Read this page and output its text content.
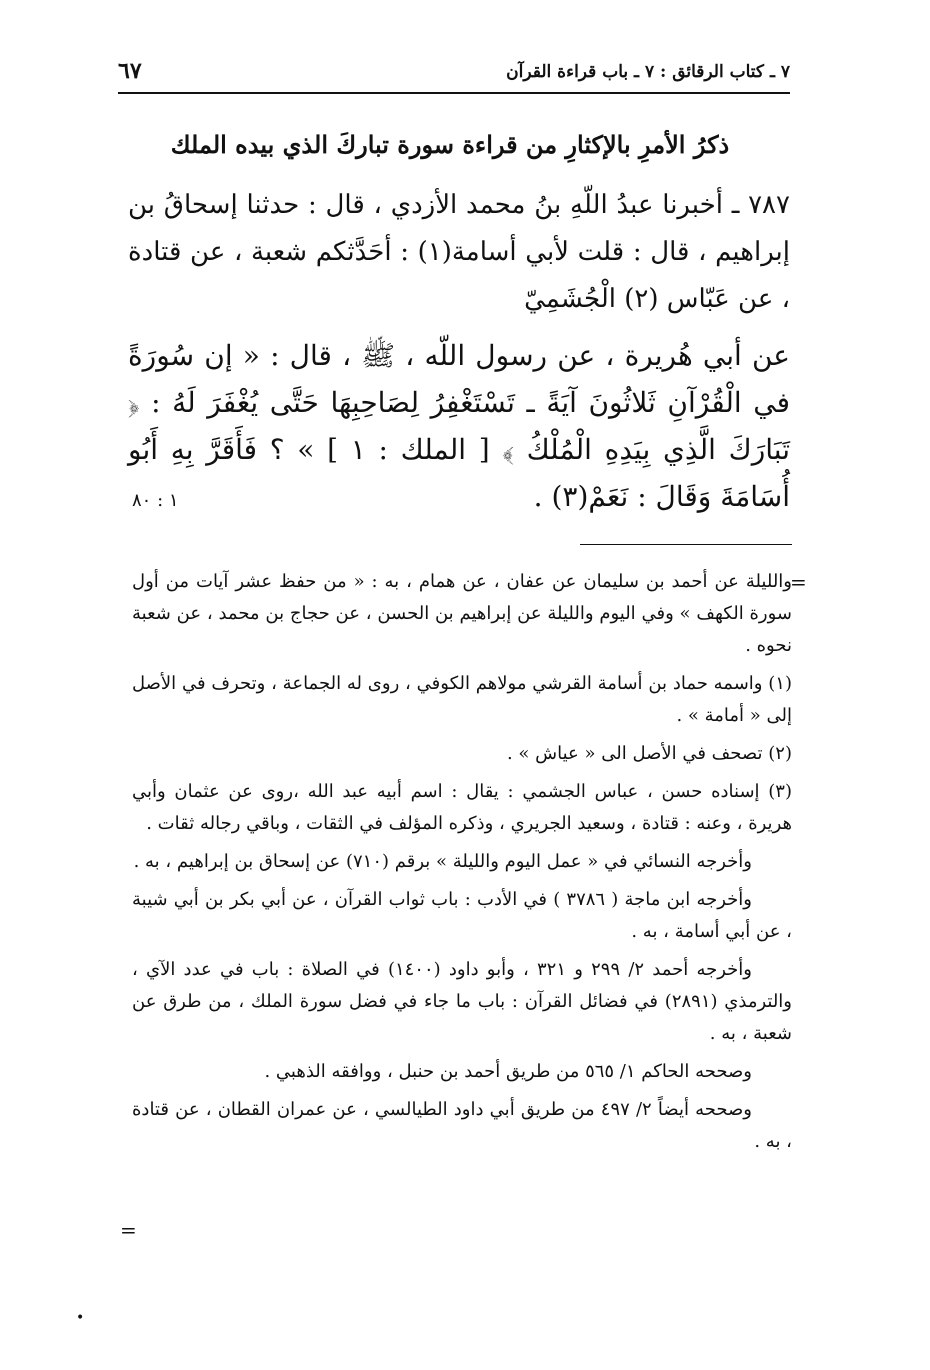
٧ ـ كتاب الرقائق : ٧ ـ باب قراءة القرآن
٦٧
ذكرُ الأمرِ بالإكثارِ من قراءة سورة تباركَ الذي بيده الملك
٧٨٧ ـ أخبرنا عبدُ اللّهِ بنُ محمد الأزدي ، قال : حدثنا إسحاقُ بن إبراهيم ، قال : قلت لأبي أسامة(١) : أحَدَّثكم شعبة ، عن قتادة ، عن عَبّاس (٢) الْجُشَمِيّ
عن أبي هُريرة ، عن رسول اللّه ، ﷺ ، قال : « إن سُورَةً في الْقُرْآنِ ثَلاثُونَ آيَةً ـ تَسْتَغْفِرُ لِصَاحِبِهَا حَتَّى يُغْفَرَ لَهُ : ﴿ تَبَارَكَ الَّذِي بِيَدِهِ الْمُلْكُ ﴾ [ الملك : ١ ] » ؟ فَأَقَرَّ بِهِ أَبُو أُسَامَةَ وَقَالَ : نَعَمْ(٣) .
١ : ٨٠
=

والليلة عن أحمد بن سليمان عن عفان ، عن همام ، به : « من حفظ عشر آيات من أول سورة الكهف » وفي اليوم والليلة عن إبراهيم بن الحسن ، عن حجاج بن محمد ، عن شعبة نحوه .

(١) واسمه حماد بن أسامة القرشي مولاهم الكوفي ، روى له الجماعة ، وتحرف في الأصل إلى « أمامة » .

(٢) تصحف في الأصل الى « عياش » .

(٣) إسناده حسن ، عباس الجشمي : يقال : اسم أبيه عبد الله ،روى عن عثمان وأبي هريرة ، وعنه : قتادة ، وسعيد الجريري ، وذكره المؤلف في الثقات ، وباقي رجاله ثقات .

وأخرجه النسائي في « عمل اليوم والليلة » برقم (٧١٠) عن إسحاق بن إبراهيم ، به .

وأخرجه ابن ماجة ( ٣٧٨٦ ) في الأدب : باب ثواب القرآن ، عن أبي بكر بن أبي شيبة ، عن أبي أسامة ، به .

وأخرجه أحمد ٢/ ٢٩٩ و ٣٢١ ، وأبو داود (١٤٠٠) في الصلاة : باب في عدد الآي ، والترمذي (٢٨٩١) في فضائل القرآن : باب ما جاء في فضل سورة الملك ، من طرق عن شعبة ، به .

وصححه الحاكم ١/ ٥٦٥ من طريق أحمد بن حنبل ، ووافقه الذهبي .

وصححه أيضاً ٢/ ٤٩٧ من طريق أبي داود الطيالسي ، عن عمران القطان ، عن قتادة ، به .

=
•
